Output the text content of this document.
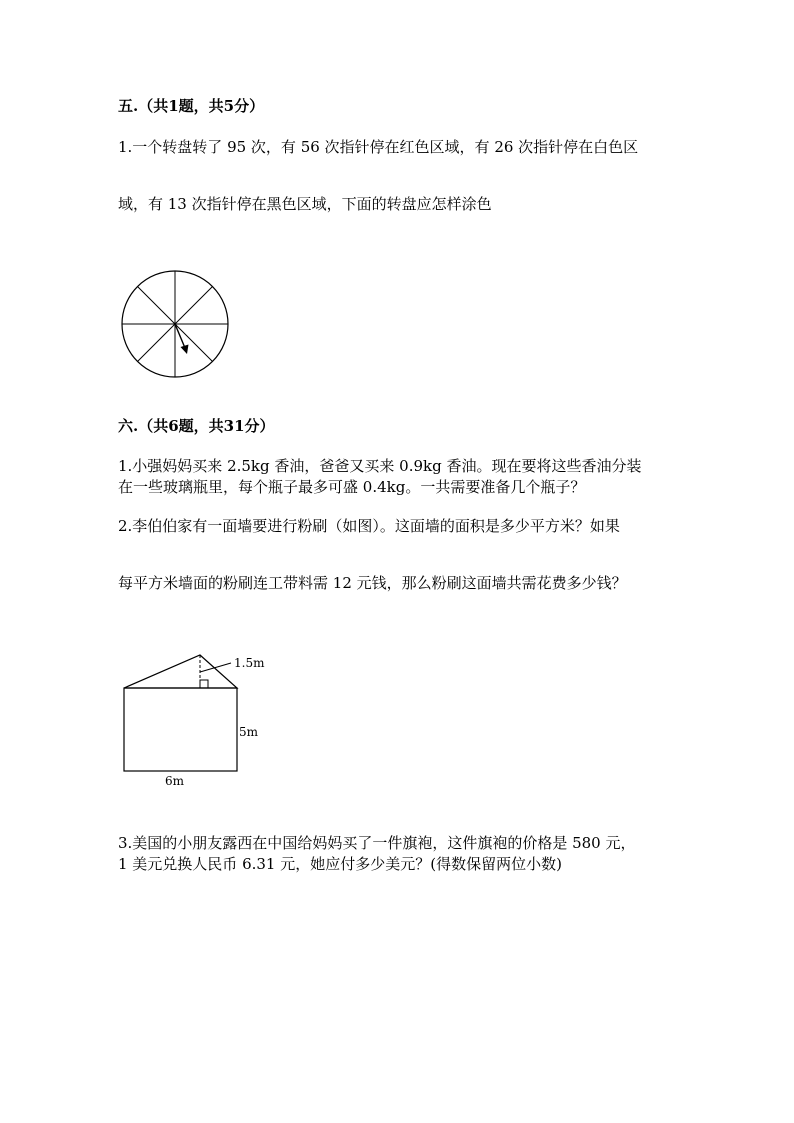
五.（共1题，共5分）
1.一个转盘转了 95 次，有 56 次指针停在红色区域，有 26 次指针停在白色区
域，有 13 次指针停在黑色区域，下面的转盘应怎样涂色
六.（共6题，共31分）
1.小强妈妈买来 2.5kg 香油，爸爸又买来 0.9kg 香油。现在要将这些香油分装
在一些玻璃瓶里，每个瓶子最多可盛 0.4kg。一共需要准备几个瓶子？
2.李伯伯家有一面墙要进行粉刷（如图）。这面墙的面积是多少平方米？如果
每平方米墙面的粉刷连工带料需 12 元钱，那么粉刷这面墙共需花费多少钱？
1.5m
5m
6m
3.美国的小朋友露西在中国给妈妈买了一件旗袍，这件旗袍的价格是 580 元，
1 美元兑换人民币 6.31 元，她应付多少美元？(得数保留两位小数)
